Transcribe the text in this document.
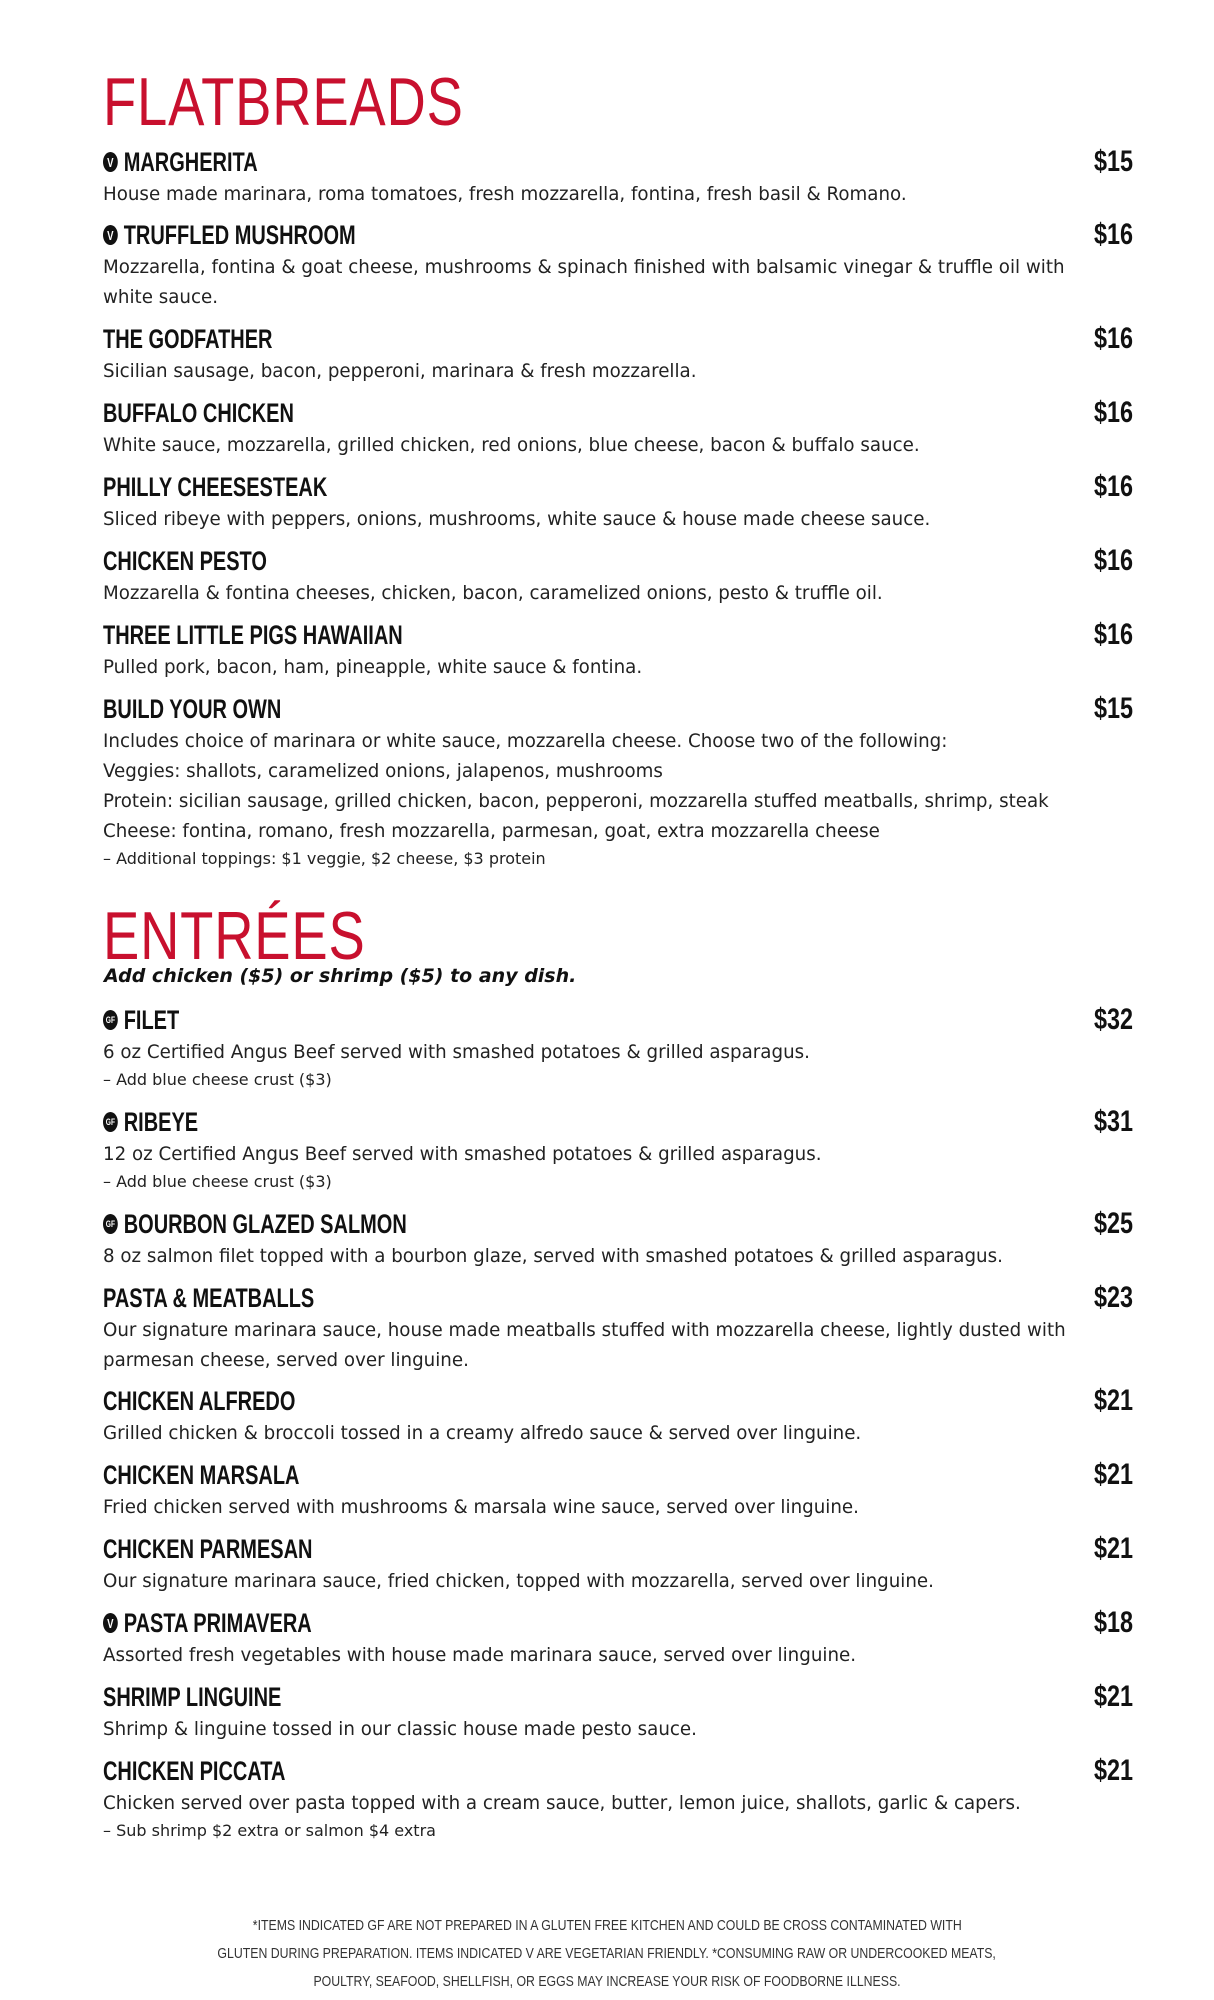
FLATBREADS
V MARGHERITA	$15

House made marinara, roma tomatoes, fresh mozzarella, fontina, fresh basil & Romano.

V TRUFFLED MUSHROOM	$16

Mozzarella, fontina & goat cheese, mushrooms & spinach finished with balsamic vinegar & truffle oil with

white sauce.

THE GODFATHER	$16

Sicilian sausage, bacon, pepperoni, marinara & fresh mozzarella.

BUFFALO CHICKEN	$16

White sauce, mozzarella, grilled chicken, red onions, blue cheese, bacon & buffalo sauce.

PHILLY CHEESESTEAK	$16

Sliced ribeye with peppers, onions, mushrooms, white sauce & house made cheese sauce.

CHICKEN PESTO	$16

Mozzarella & fontina cheeses, chicken, bacon, caramelized onions, pesto & truffle oil.

THREE LITTLE PIGS HAWAIIAN	$16

Pulled pork, bacon, ham, pineapple, white sauce & fontina.

BUILD YOUR OWN	$15

Includes choice of marinara or white sauce, mozzarella cheese. Choose two of the following:

Veggies: shallots, caramelized onions, jalapenos, mushrooms

Protein: sicilian sausage, grilled chicken, bacon, pepperoni, mozzarella stuffed meatballs, shrimp, steak

Cheese: fontina, romano, fresh mozzarella, parmesan, goat, extra mozzarella cheese

– Additional toppings: $1 veggie, $2 cheese, $3 protein

ENTRÉES

Add chicken ($5) or shrimp ($5) to any dish.

GF FILET	$32

6 oz Certified Angus Beef served with smashed potatoes & grilled asparagus.

– Add blue cheese crust ($3)

GF RIBEYE	$31

12 oz Certified Angus Beef served with smashed potatoes & grilled asparagus.

– Add blue cheese crust ($3)

GF BOURBON GLAZED SALMON	$25

8 oz salmon filet topped with a bourbon glaze, served with smashed potatoes & grilled asparagus.

PASTA & MEATBALLS	$23

Our signature marinara sauce, house made meatballs stuffed with mozzarella cheese, lightly dusted with

parmesan cheese, served over linguine.

CHICKEN ALFREDO	$21

Grilled chicken & broccoli tossed in a creamy alfredo sauce & served over linguine.

CHICKEN MARSALA	$21

Fried chicken served with mushrooms & marsala wine sauce, served over linguine.

CHICKEN PARMESAN	$21

Our signature marinara sauce, fried chicken, topped with mozzarella, served over linguine.

V PASTA PRIMAVERA	$18

Assorted fresh vegetables with house made marinara sauce, served over linguine.

SHRIMP LINGUINE	$21

Shrimp & linguine tossed in our classic house made pesto sauce.

CHICKEN PICCATA	$21

Chicken served over pasta topped with a cream sauce, butter, lemon juice, shallots, garlic & capers.

– Sub shrimp $2 extra or salmon $4 extra

*ITEMS INDICATED GF ARE NOT PREPARED IN A GLUTEN FREE KITCHEN AND COULD BE CROSS CONTAMINATED WITH
GLUTEN DURING PREPARATION. ITEMS INDICATED V ARE VEGETARIAN FRIENDLY. *CONSUMING RAW OR UNDERCOOKED MEATS,
POULTRY, SEAFOOD, SHELLFISH, OR EGGS MAY INCREASE YOUR RISK OF FOODBORNE ILLNESS.
